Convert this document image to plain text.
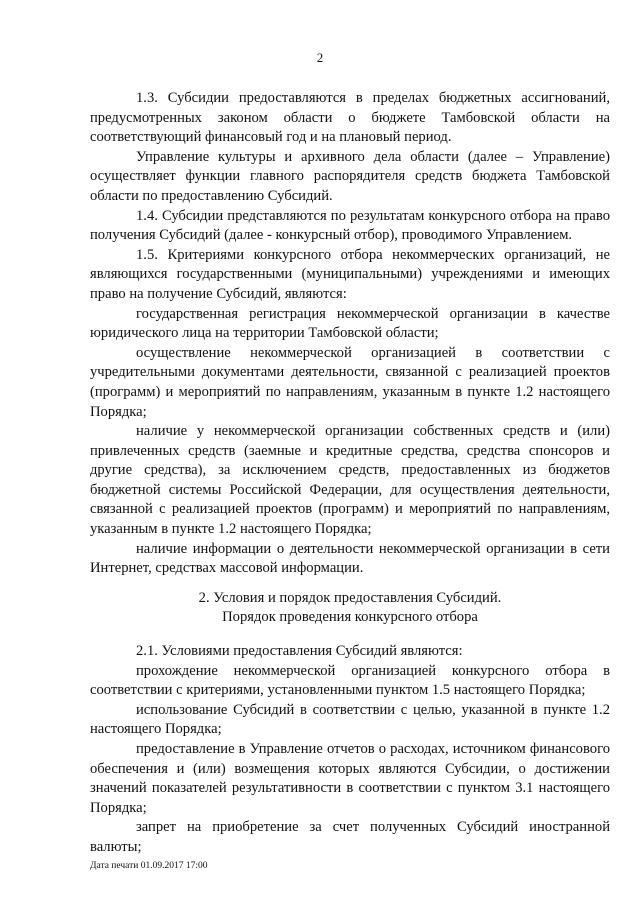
2

1.3. Субсидии предоставляются в пределах бюджетных ассигнований, предусмотренных законом области о бюджете Тамбовской области на соответствующий финансовый год и на плановый период.

Управление культуры и архивного дела области (далее – Управление) осуществляет функции главного распорядителя средств бюджета Тамбовской области по предоставлению Субсидий.

1.4. Субсидии представляются по результатам конкурсного отбора на право получения Субсидий (далее - конкурсный отбор), проводимого Управлением.

1.5. Критериями конкурсного отбора некоммерческих организаций, не являющихся государственными (муниципальными) учреждениями и имеющих право на получение Субсидий, являются:

государственная регистрация некоммерческой организации в качестве юридического лица на территории Тамбовской области;

осуществление некоммерческой организацией в соответствии с учредительными документами деятельности, связанной с реализацией проектов (программ) и мероприятий по направлениям, указанным в пункте 1.2 настоящего Порядка;

наличие у некоммерческой организации собственных средств и (или) привлеченных средств (заемные и кредитные средства, средства спонсоров и другие средства), за исключением средств, предоставленных из бюджетов бюджетной системы Российской Федерации, для осуществления деятельности, связанной с реализацией проектов (программ) и мероприятий по направлениям, указанным в пункте 1.2 настоящего Порядка;

наличие информации о деятельности некоммерческой организации в сети Интернет, средствах массовой информации.

2. Условия и порядок предоставления Субсидий.
Порядок проведения конкурсного отбора

2.1. Условиями предоставления Субсидий являются:

прохождение некоммерческой организацией конкурсного отбора в соответствии с критериями, установленными пунктом 1.5 настоящего Порядка;

использование Субсидий в соответствии с целью, указанной в пункте 1.2 настоящего Порядка;

предоставление в Управление отчетов о расходах, источником финансового обеспечения и (или) возмещения которых являются Субсидии, о достижении значений показателей результативности в соответствии с пунктом 3.1 настоящего Порядка;

запрет на приобретение за счет полученных Субсидий иностранной валюты;

Дата печати 01.09.2017 17:00
